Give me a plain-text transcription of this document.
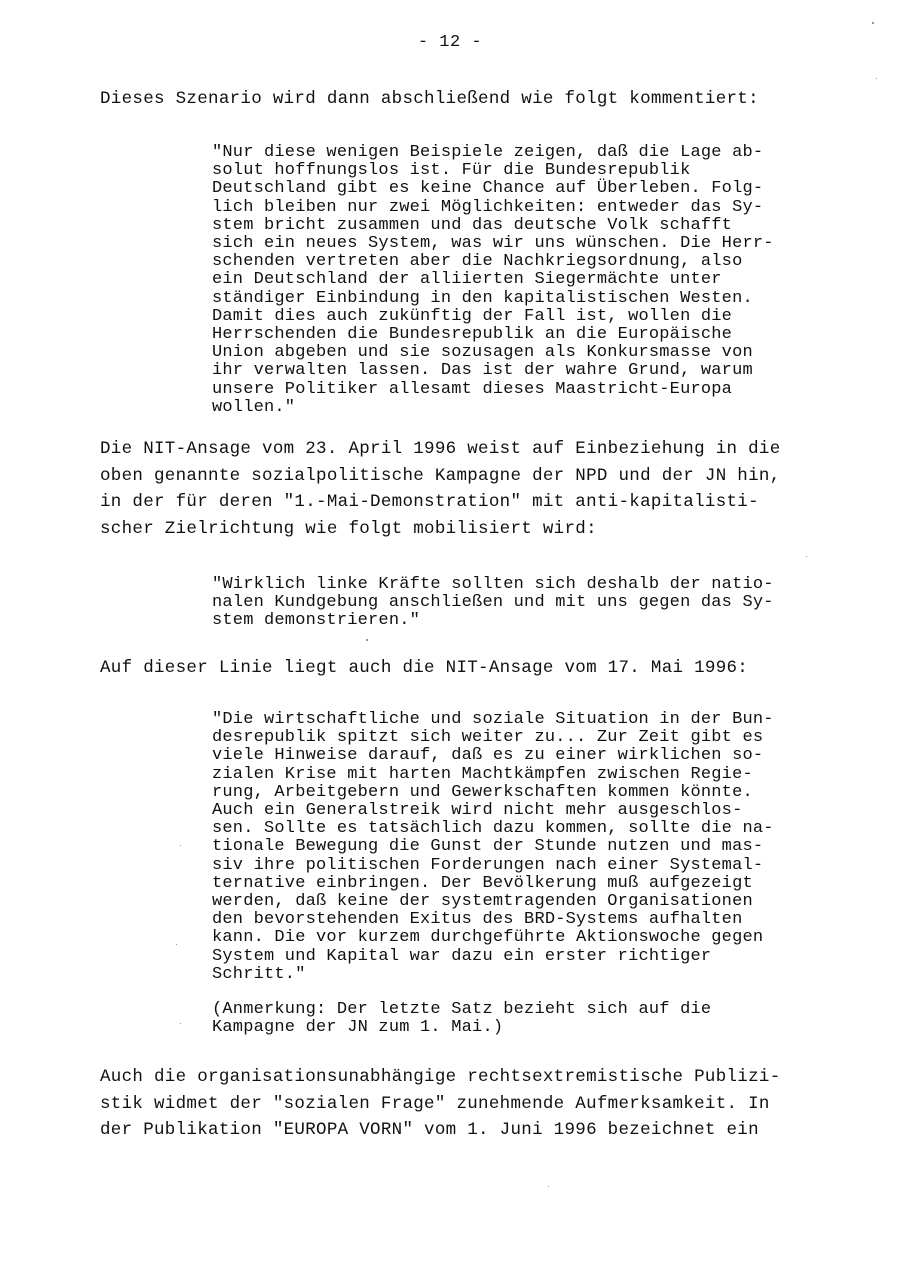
- 12 -

Dieses Szenario wird dann abschließend wie folgt kommentiert:

"Nur diese wenigen Beispiele zeigen, daß die Lage ab-
solut hoffnungslos ist. Für die Bundesrepublik
Deutschland gibt es keine Chance auf Überleben. Folg-
lich bleiben nur zwei Möglichkeiten: entweder das Sy-
stem bricht zusammen und das deutsche Volk schafft
sich ein neues System, was wir uns wünschen. Die Herr-
schenden vertreten aber die Nachkriegsordnung, also
ein Deutschland der alliierten Siegermächte unter
ständiger Einbindung in den kapitalistischen Westen.
Damit dies auch zukünftig der Fall ist, wollen die
Herrschenden die Bundesrepublik an die Europäische
Union abgeben und sie sozusagen als Konkursmasse von
ihr verwalten lassen. Das ist der wahre Grund, warum
unsere Politiker allesamt dieses Maastricht-Europa
wollen."

Die NIT-Ansage vom 23. April 1996 weist auf Einbeziehung in die
oben genannte sozialpolitische Kampagne der NPD und der JN hin,
in der für deren "1.-Mai-Demonstration" mit anti-kapitalisti-
scher Zielrichtung wie folgt mobilisiert wird:

"Wirklich linke Kräfte sollten sich deshalb der natio-
nalen Kundgebung anschließen und mit uns gegen das Sy-
stem demonstrieren."

Auf dieser Linie liegt auch die NIT-Ansage vom 17. Mai 1996:

"Die wirtschaftliche und soziale Situation in der Bun-
desrepublik spitzt sich weiter zu... Zur Zeit gibt es
viele Hinweise darauf, daß es zu einer wirklichen so-
zialen Krise mit harten Machtkämpfen zwischen Regie-
rung, Arbeitgebern und Gewerkschaften kommen könnte.
Auch ein Generalstreik wird nicht mehr ausgeschlos-
sen. Sollte es tatsächlich dazu kommen, sollte die na-
tionale Bewegung die Gunst der Stunde nutzen und mas-
siv ihre politischen Forderungen nach einer Systemal-
ternative einbringen. Der Bevölkerung muß aufgezeigt
werden, daß keine der systemtragenden Organisationen
den bevorstehenden Exitus des BRD-Systems aufhalten
kann. Die vor kurzem durchgeführte Aktionswoche gegen
System und Kapital war dazu ein erster richtiger
Schritt."

(Anmerkung: Der letzte Satz bezieht sich auf die
Kampagne der JN zum 1. Mai.)

Auch die organisationsunabhängige rechtsextremistische Publizi-
stik widmet der "sozialen Frage" zunehmende Aufmerksamkeit. In
der Publikation "EUROPA VORN" vom 1. Juni 1996 bezeichnet ein
